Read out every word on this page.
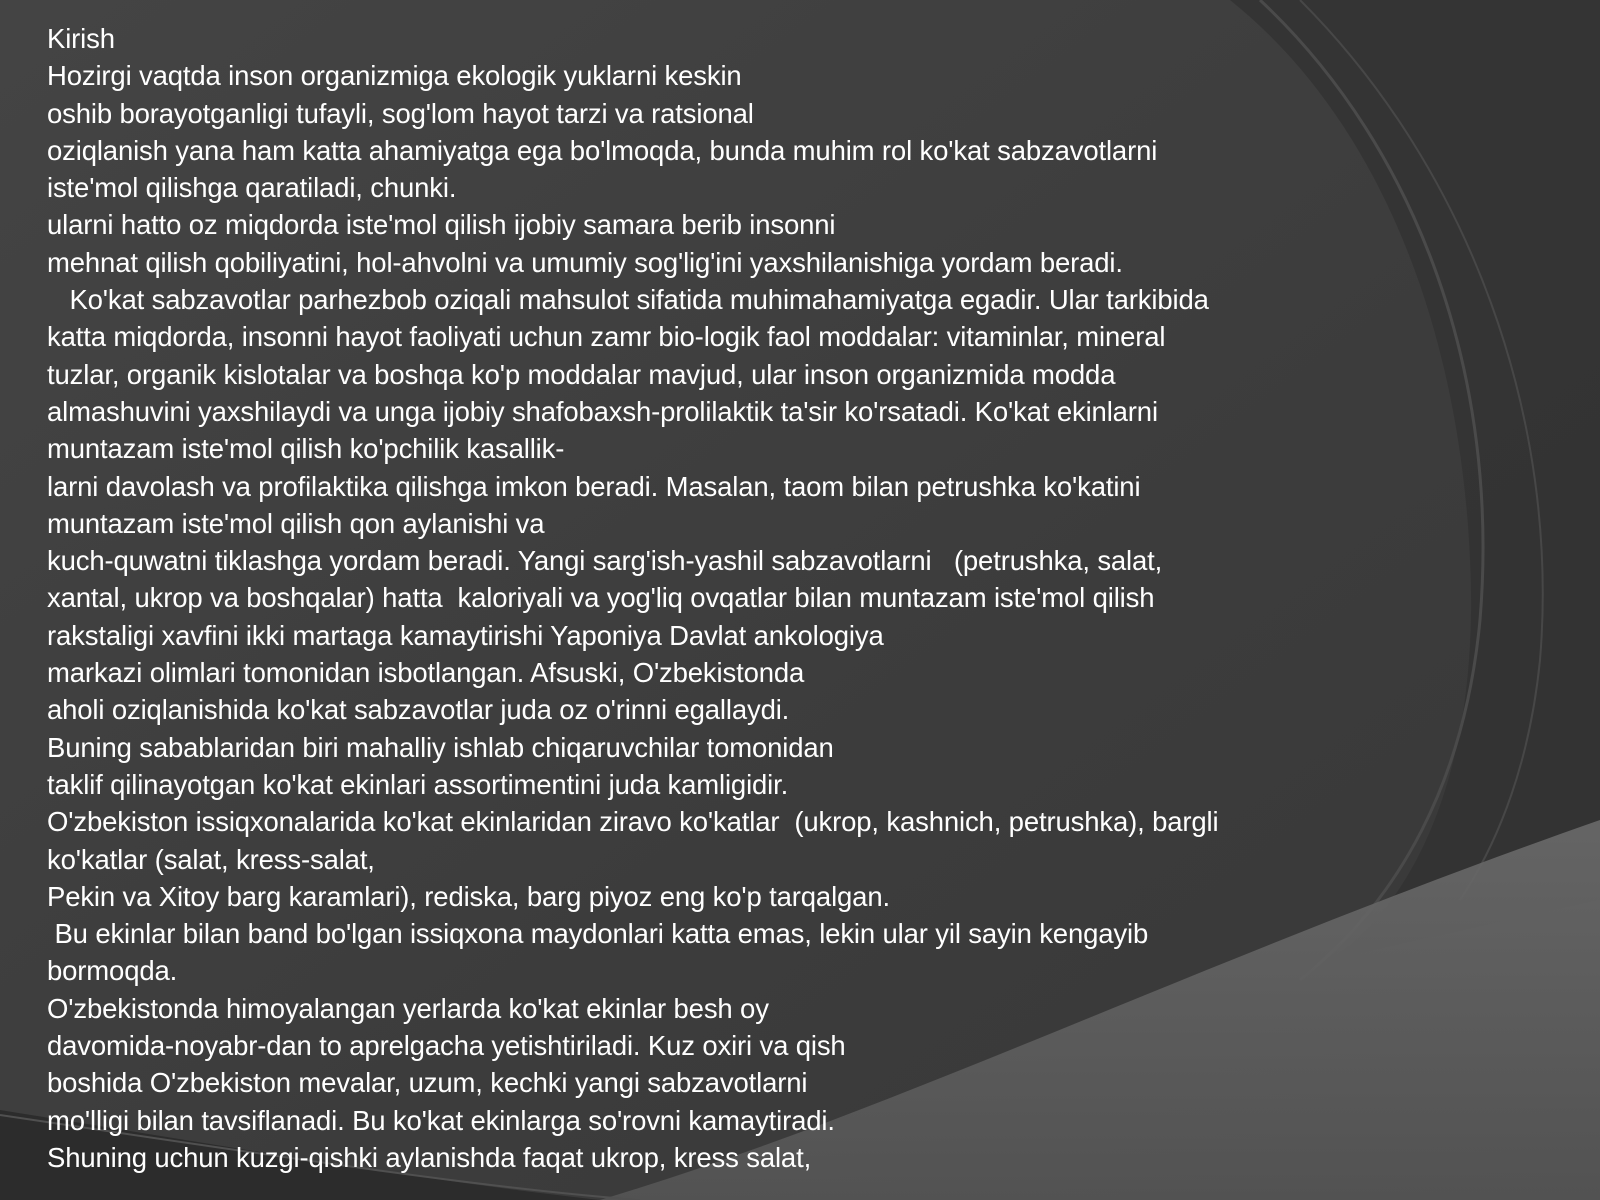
Kirish
Hozirgi vaqtda inson organizmiga ekologik yuklarni keskin
oshib borayotganligi tufayli, sog'lom hayot tarzi va ratsional
oziqlanish yana ham katta ahamiyatga ega bo'lmoqda, bunda muhim rol ko'kat sabzavotlarni
iste'mol qilishga qaratiladi, chunki.
ularni hatto oz miqdorda iste'mol qilish ijobiy samara berib insonni
mehnat qilish qobiliyatini, hol-ahvolni va umumiy sog'lig'ini yaxshilanishiga yordam beradi.
Ko'kat sabzavotlar parhezbob oziqali mahsulot sifatida muhimahamiyatga egadir. Ular tarkibida
katta miqdorda, insonni hayot faoliyati uchun zamr bio-logik faol moddalar: vitaminlar, mineral
tuzlar, organik kislotalar va boshqa ko'p moddalar mavjud, ular inson organizmida modda
almashuvini yaxshilaydi va unga ijobiy shafobaxsh-prolilaktik ta'sir ko'rsatadi. Ko'kat ekinlarni
muntazam iste'mol qilish ko'pchilik kasallik-
larni davolash va profilaktika qilishga imkon beradi. Masalan, taom bilan petrushka ko'katini
muntazam iste'mol qilish qon aylanishi va
kuch-quwatni tiklashga yordam beradi. Yangi sarg'ish-yashil sabzavotlarni   (petrushka, salat,
xantal, ukrop va boshqalar) hatta  kaloriyali va yog'liq ovqatlar bilan muntazam iste'mol qilish
rakstaligi xavfini ikki martaga kamaytirishi Yaponiya Davlat ankologiya
markazi olimlari tomonidan isbotlangan. Afsuski, O'zbekistonda
aholi oziqlanishida ko'kat sabzavotlar juda oz o'rinni egallaydi.
Buning sabablaridan biri mahalliy ishlab chiqaruvchilar tomonidan
taklif qilinayotgan ko'kat ekinlari assortimentini juda kamligidir.
O'zbekiston issiqxonalarida ko'kat ekinlaridan ziravo ko'katlar  (ukrop, kashnich, petrushka), bargli
ko'katlar (salat, kress-salat,
Pekin va Xitoy barg karamlari), rediska, barg piyoz eng ko'p tarqalgan.
Bu ekinlar bilan band bo'lgan issiqxona maydonlari katta emas, lekin ular yil sayin kengayib
bormoqda.
O'zbekistonda himoyalangan yerlarda ko'kat ekinlar besh oy
davomida-noyabr-dan to aprelgacha yetishtiriladi. Kuz oxiri va qish
boshida O'zbekiston mevalar, uzum, kechki yangi sabzavotlarni
mo'lligi bilan tavsiflanadi. Bu ko'kat ekinlarga so'rovni kamaytiradi.
Shuning uchun kuzgi-qishki aylanishda faqat ukrop, kress salat,
